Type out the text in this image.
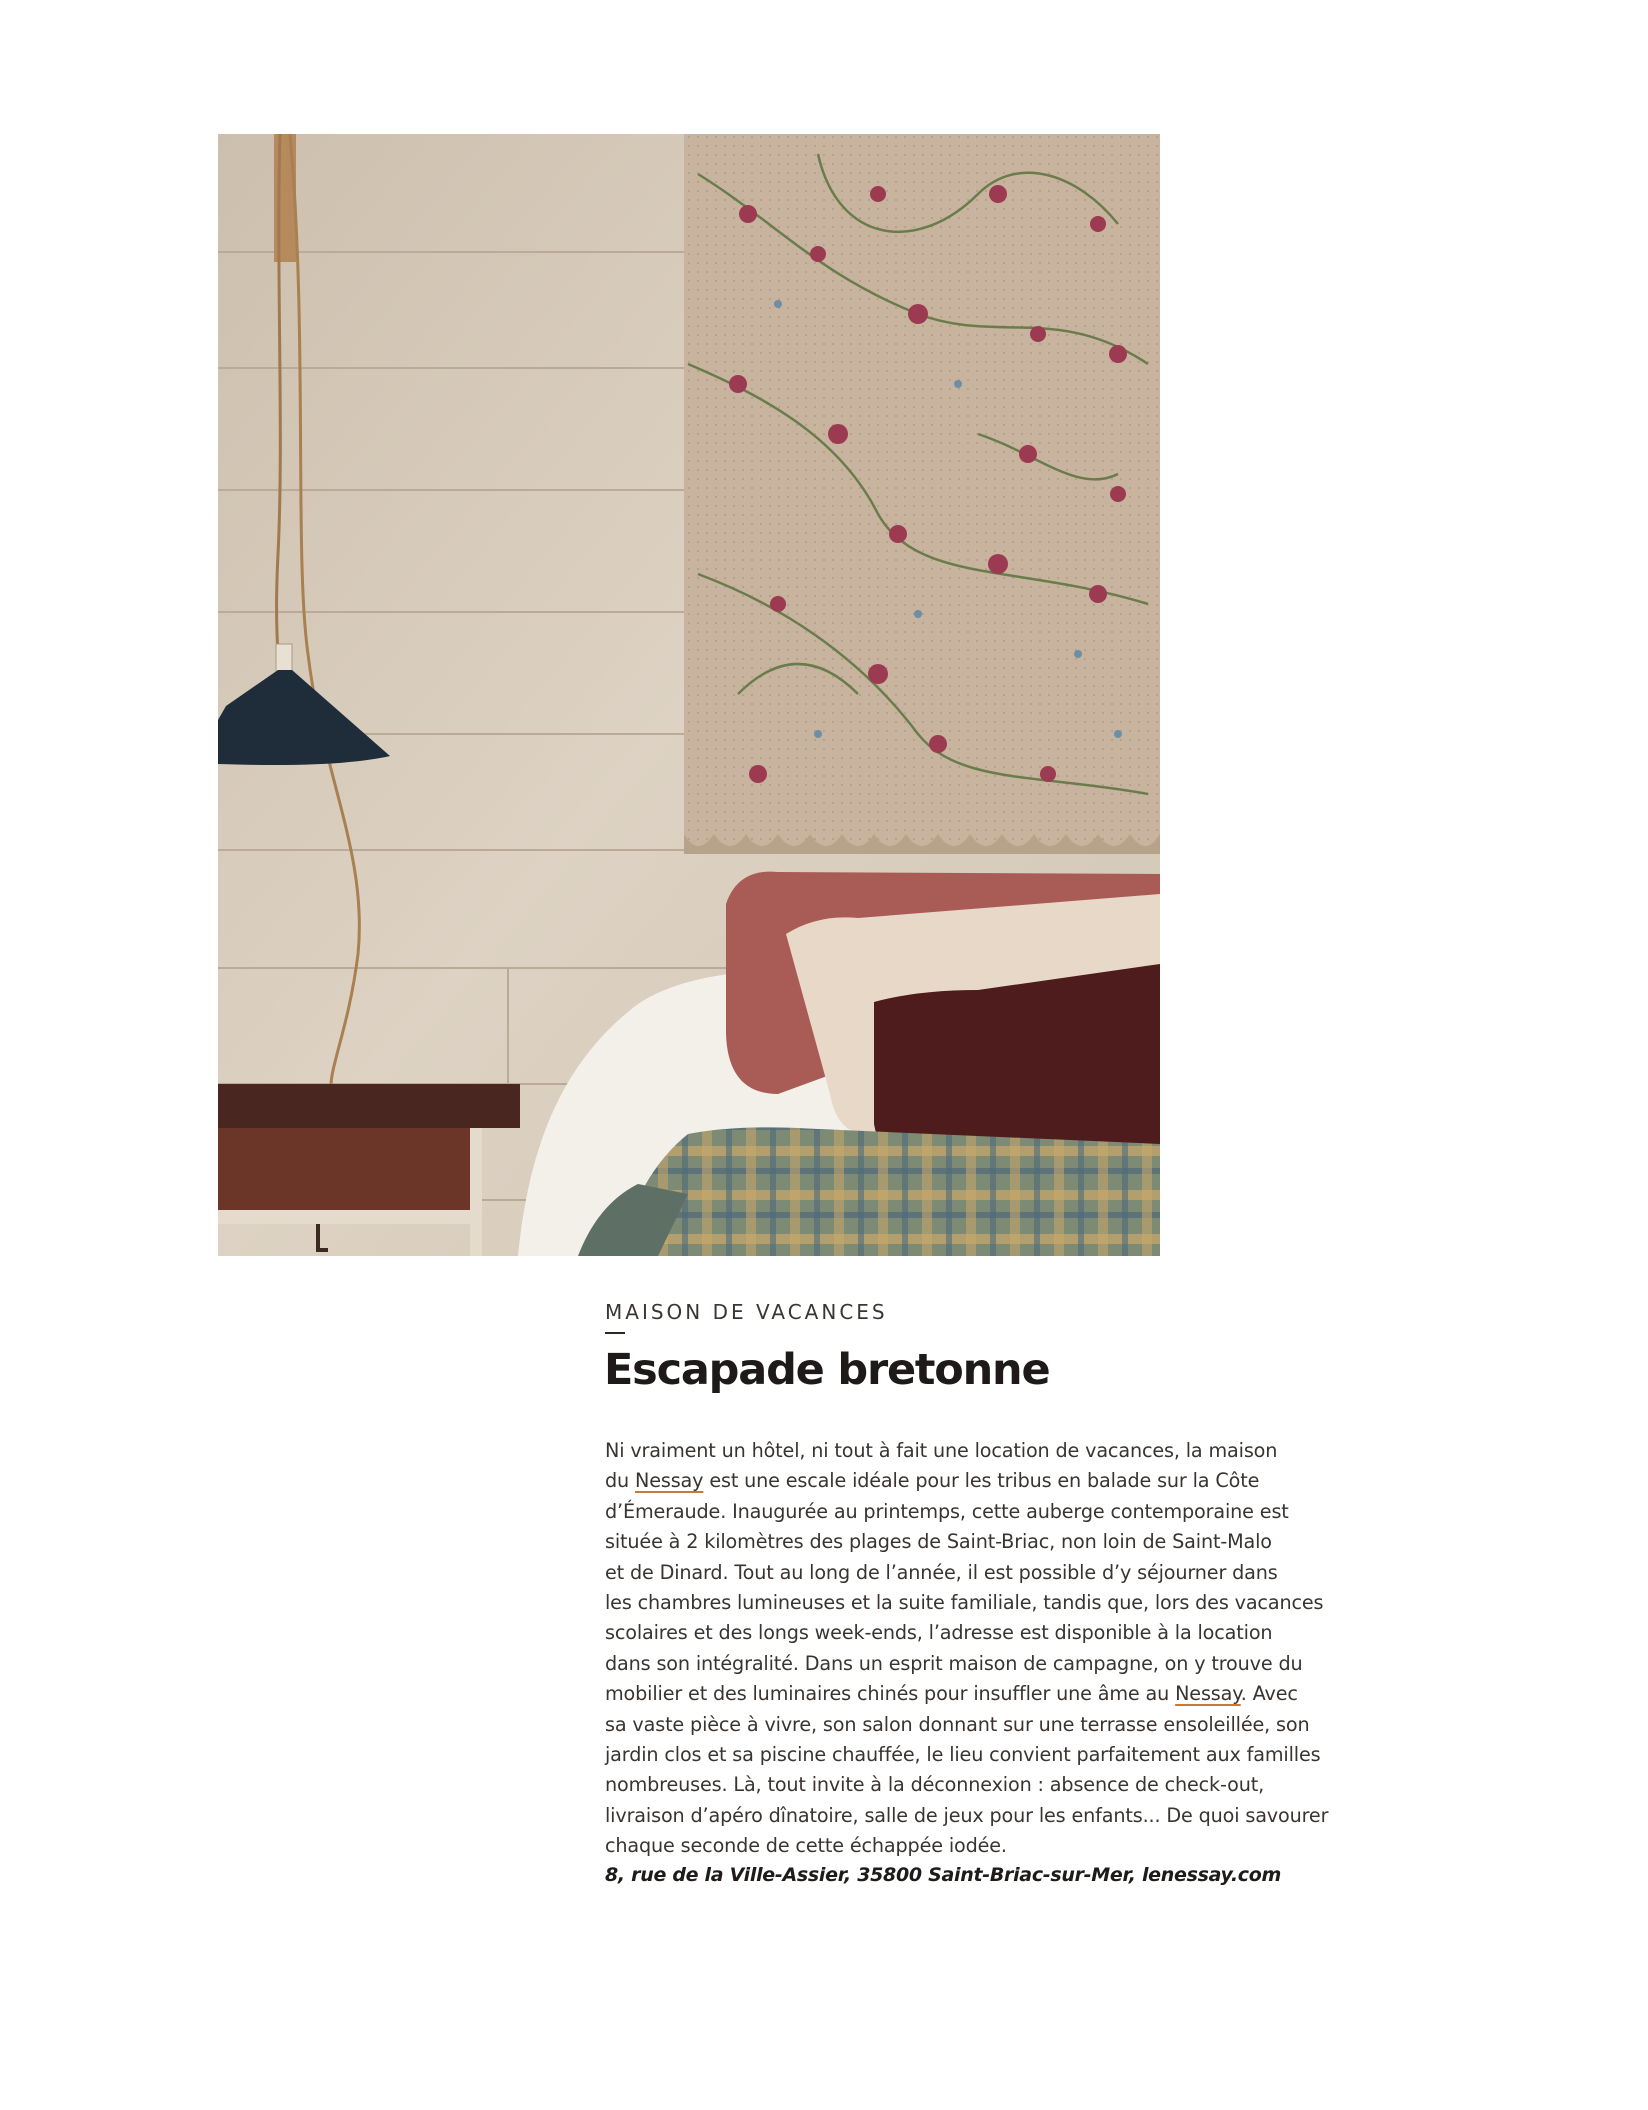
MAISON DE VACANCES

Escapade bretonne
Ni vraiment un hôtel, ni tout à fait une location de vacances, la maison
du Nessay est une escale idéale pour les tribus en balade sur la Côte
d’Émeraude. Inaugurée au printemps, cette auberge contemporaine est
située à 2 kilomètres des plages de Saint-Briac, non loin de Saint-Malo
et de Dinard. Tout au long de l’année, il est possible d’y séjourner dans
les chambres lumineuses et la suite familiale, tandis que, lors des vacances
scolaires et des longs week-ends, l’adresse est disponible à la location
dans son intégralité. Dans un esprit maison de campagne, on y trouve du
mobilier et des luminaires chinés pour insuffler une âme au Nessay. Avec
sa vaste pièce à vivre, son salon donnant sur une terrasse ensoleillée, son
jardin clos et sa piscine chauffée, le lieu convient parfaitement aux familles
nombreuses. Là, tout invite à la déconnexion : absence de check-out,
livraison d’apéro dînatoire, salle de jeux pour les enfants... De quoi savourer
chaque seconde de cette échappée iodée.

8, rue de la Ville-Assier, 35800 Saint-Briac-sur-Mer, lenessay.com
